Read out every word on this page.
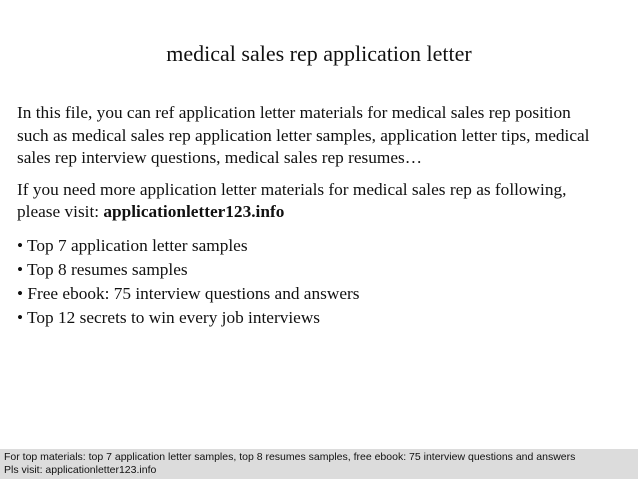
medical sales rep application letter

In this file, you can ref application letter materials for medical sales rep position
such as medical sales rep application letter samples, application letter tips, medical
sales rep interview questions, medical sales rep resumes…

If you need more application letter materials for medical sales rep as following,
please visit: applicationletter123.info

• Top 7 application letter samples
• Top 8 resumes samples
• Free ebook: 75 interview questions and answers
• Top 12 secrets to win every job interviews
For top materials: top 7 application letter samples, top 8 resumes samples, free ebook: 75 interview questions and answers
Pls visit: applicationletter123.info
